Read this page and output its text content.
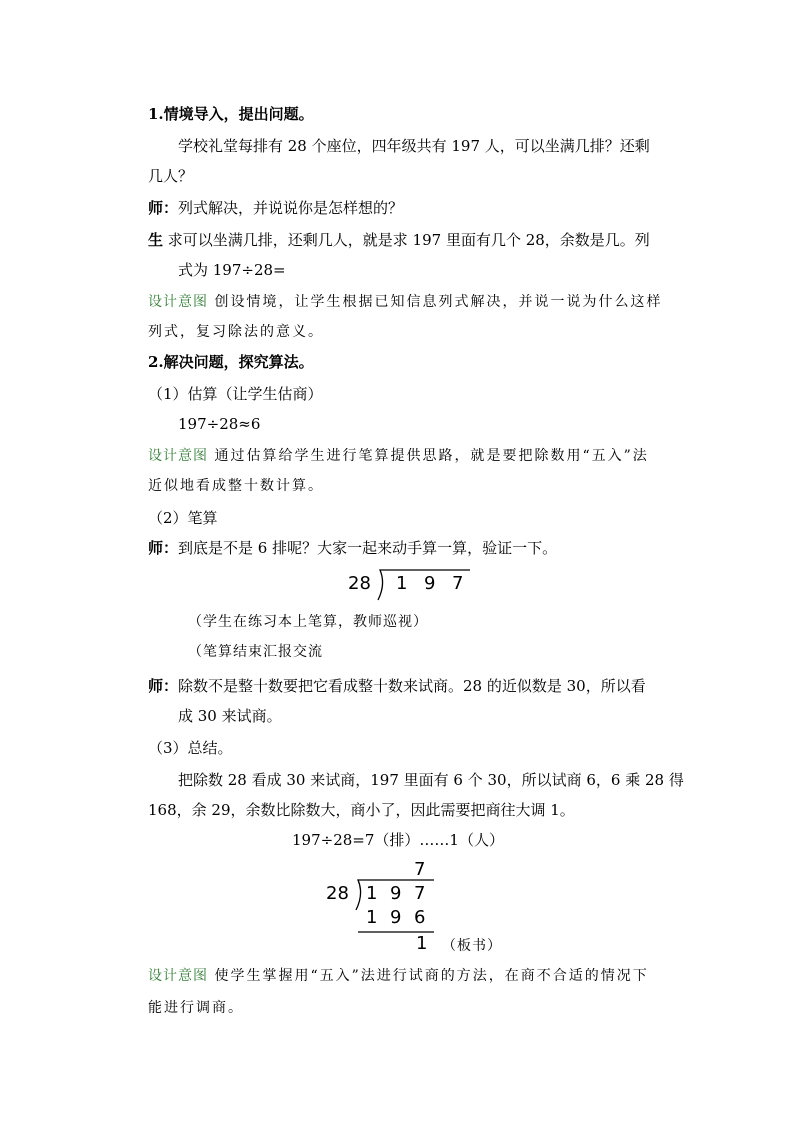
1.情境导入，提出问题。
学校礼堂每排有 28 个座位，四年级共有 197 人，可以坐满几排？还剩
几人？
师：列式解决，并说说你是怎样想的？
生 求可以坐满几排，还剩几人，就是求 197 里面有几个 28，余数是几。列
式为 197÷28=
设计意图 创设情境，让学生根据已知信息列式解决，并说一说为什么这样
列式，复习除法的意义。
2.解决问题，探究算法。
（1）估算（让学生估商）
197÷28≈6
设计意图 通过估算给学生进行笔算提供思路，就是要把除数用“五入”法
近似地看成整十数计算。
（2）笔算
师：到底是不是 6 排呢？大家一起来动手算一算，验证一下。
28 1 9 7
（学生在练习本上笔算，教师巡视）
（笔算结束汇报交流
师：除数不是整十数要把它看成整十数来试商。28 的近似数是 30，所以看
成 30 来试商。
（3）总结。
把除数 28 看成 30 来试商，197 里面有 6 个 30，所以试商 6，6 乘 28 得
168，余 29，余数比除数大，商小了，因此需要把商往大调 1。
197÷28=7（排）……1（人）
7
28 1 9 7
1 9 6
1 （板书）
设计意图 使学生掌握用“五入”法进行试商的方法，在商不合适的情况下
能进行调商。
